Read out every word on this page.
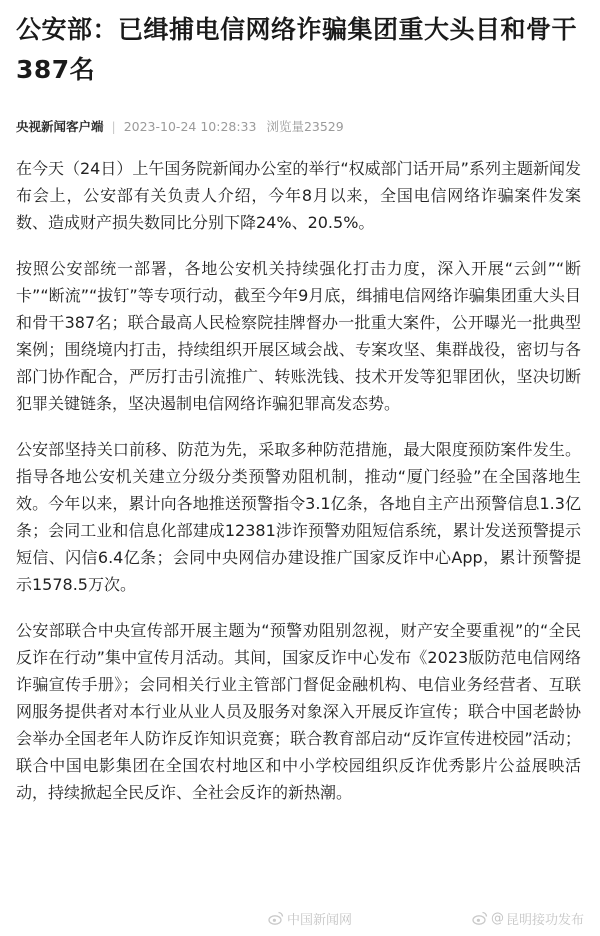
公安部：已缉捕电信网络诈骗集团重大头目和骨干387名
央视新闻客户端 | 2023-10-24 10:28:33 浏览量23529

在今天（24日）上午国务院新闻办公室的举行“权威部门话开局”系列主题新闻发布会上，公安部有关负责人介绍，今年8月以来，全国电信网络诈骗案件发案数、造成财产损失数同比分别下降24%、20.5%。

按照公安部统一部署，各地公安机关持续强化打击力度，深入开展“云剑”“断卡”“断流”“拔钉”等专项行动，截至今年9月底，缉捕电信网络诈骗集团重大头目和骨干387名；联合最高人民检察院挂牌督办一批重大案件，公开曝光一批典型案例；围绕境内打击，持续组织开展区域会战、专案攻坚、集群战役，密切与各部门协作配合，严厉打击引流推广、转账洗钱、技术开发等犯罪团伙，坚决切断犯罪关键链条，坚决遏制电信网络诈骗犯罪高发态势。

公安部坚持关口前移、防范为先，采取多种防范措施，最大限度预防案件发生。指导各地公安机关建立分级分类预警劝阻机制，推动“厦门经验”在全国落地生效。今年以来，累计向各地推送预警指令3.1亿条，各地自主产出预警信息1.3亿条；会同工业和信息化部建成12381涉诈预警劝阻短信系统，累计发送预警提示短信、闪信6.4亿条；会同中央网信办建设推广国家反诈中心App，累计预警提示1578.5万次。

公安部联合中央宣传部开展主题为“预警劝阻别忽视，财产安全要重视”的“全民反诈在行动”集中宣传月活动。其间，国家反诈中心发布《2023版防范电信网络诈骗宣传手册》；会同相关行业主管部门督促金融机构、电信业务经营者、互联网服务提供者对本行业从业人员及服务对象深入开展反诈宣传；联合中国老龄协会举办全国老年人防诈反诈知识竞赛；联合教育部启动“反诈宣传进校园”活动；联合中国电影集团在全国农村地区和中小学校园组织反诈优秀影片公益展映活动，持续掀起全民反诈、全社会反诈的新热潮。

中国新闻网	@ 昆明接功发布
